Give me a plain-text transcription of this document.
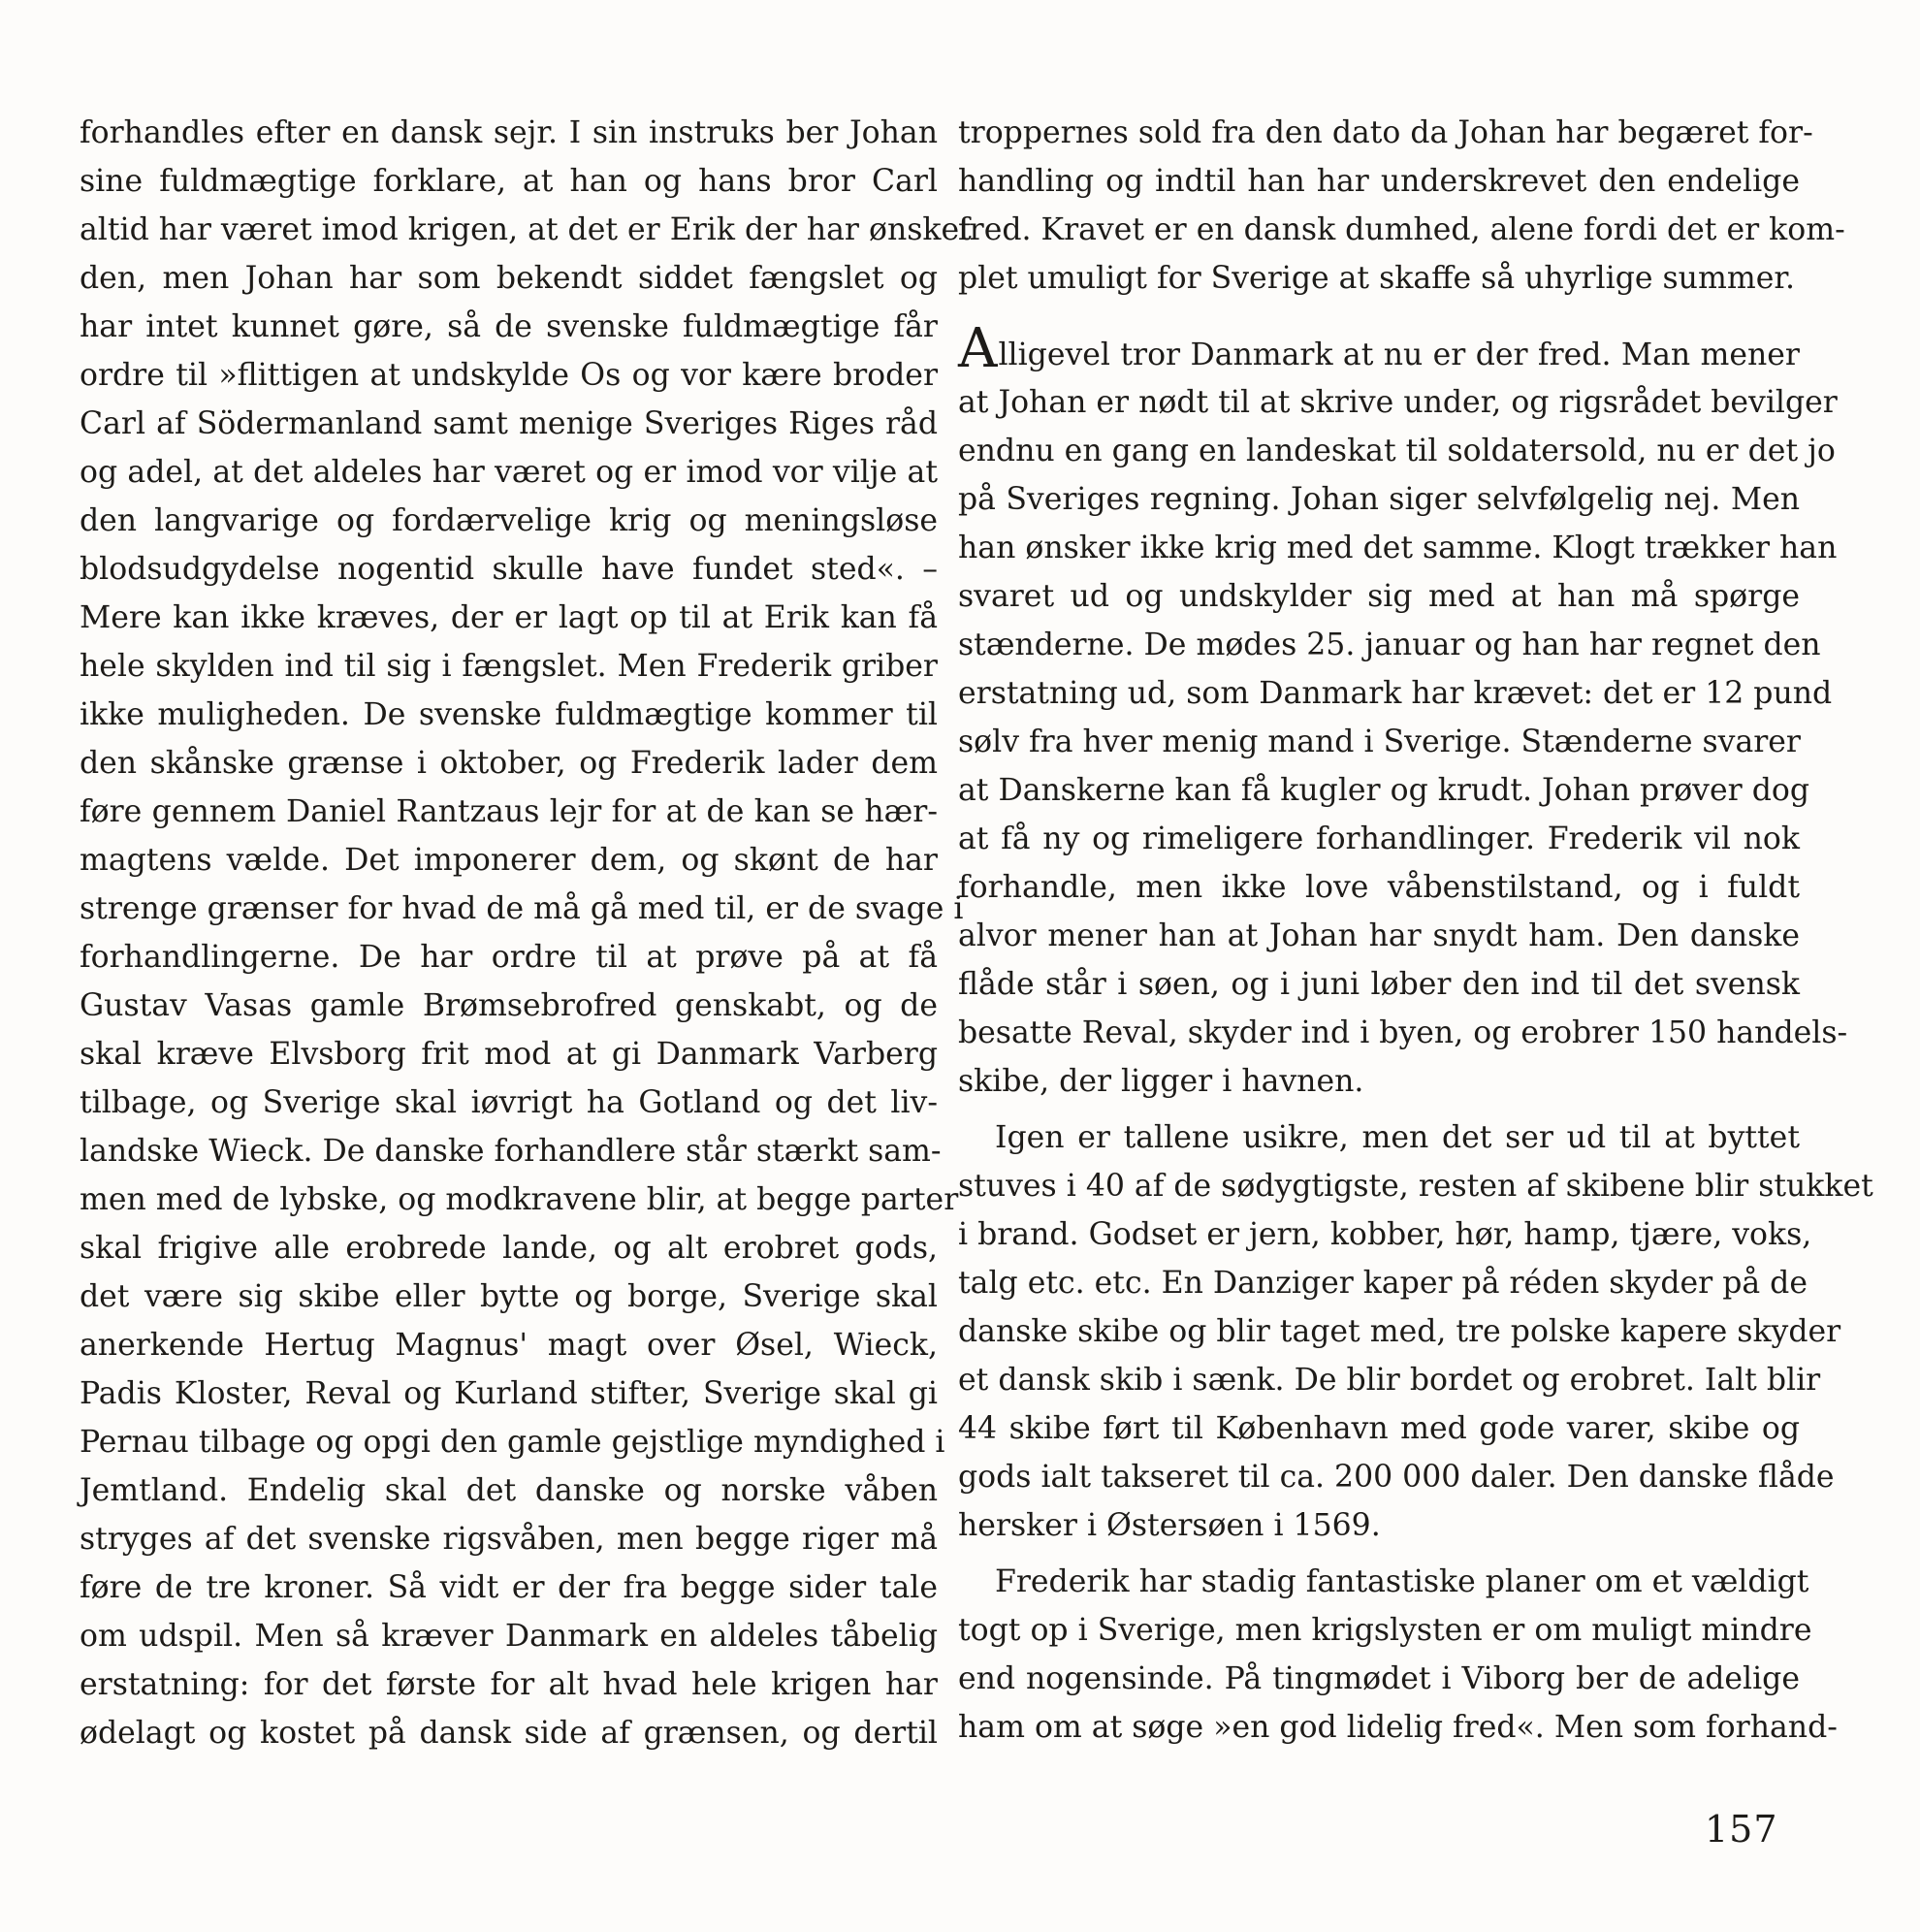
forhandles efter en dansk sejr. I sin instruks ber Johan
sine fuldmægtige forklare, at han og hans bror Carl
altid har været imod krigen, at det er Erik der har ønsket
den, men Johan har som bekendt siddet fængslet og
har intet kunnet gøre, så de svenske fuldmægtige får
ordre til »flittigen at undskylde Os og vor kære broder
Carl af Södermanland samt menige Sveriges Riges råd
og adel, at det aldeles har været og er imod vor vilje at
den langvarige og fordærvelige krig og meningsløse
blodsudgydelse nogentid skulle have fundet sted«. –
Mere kan ikke kræves, der er lagt op til at Erik kan få
hele skylden ind til sig i fængslet. Men Frederik griber
ikke muligheden. De svenske fuldmægtige kommer til
den skånske grænse i oktober, og Frederik lader dem
føre gennem Daniel Rantzaus lejr for at de kan se hær-
magtens vælde. Det imponerer dem, og skønt de har
strenge grænser for hvad de må gå med til, er de svage i
forhandlingerne. De har ordre til at prøve på at få
Gustav Vasas gamle Brømsebrofred genskabt, og de
skal kræve Elvsborg frit mod at gi Danmark Varberg
tilbage, og Sverige skal iøvrigt ha Gotland og det liv-
landske Wieck. De danske forhandlere står stærkt sam-
men med de lybske, og modkravene blir, at begge parter
skal frigive alle erobrede lande, og alt erobret gods,
det være sig skibe eller bytte og borge, Sverige skal
anerkende Hertug Magnus' magt over Øsel, Wieck,
Padis Kloster, Reval og Kurland stifter, Sverige skal gi
Pernau tilbage og opgi den gamle gejstlige myndighed i
Jemtland. Endelig skal det danske og norske våben
stryges af det svenske rigsvåben, men begge riger må
føre de tre kroner. Så vidt er der fra begge sider tale
om udspil. Men så kræver Danmark en aldeles tåbelig
erstatning: for det første for alt hvad hele krigen har
ødelagt og kostet på dansk side af grænsen, og dertil
troppernes sold fra den dato da Johan har begæret for-
handling og indtil han har underskrevet den endelige
fred. Kravet er en dansk dumhed, alene fordi det er kom-
plet umuligt for Sverige at skaffe så uhyrlige summer.
Alligevel tror Danmark at nu er der fred. Man mener
at Johan er nødt til at skrive under, og rigsrådet bevilger
endnu en gang en landeskat til soldatersold, nu er det jo
på Sveriges regning. Johan siger selvfølgelig nej. Men
han ønsker ikke krig med det samme. Klogt trækker han
svaret ud og undskylder sig med at han må spørge
stænderne. De mødes 25. januar og han har regnet den
erstatning ud, som Danmark har krævet: det er 12 pund
sølv fra hver menig mand i Sverige. Stænderne svarer
at Danskerne kan få kugler og krudt. Johan prøver dog
at få ny og rimeligere forhandlinger. Frederik vil nok
forhandle, men ikke love våbenstilstand, og i fuldt
alvor mener han at Johan har snydt ham. Den danske
flåde står i søen, og i juni løber den ind til det svensk
besatte Reval, skyder ind i byen, og erobrer 150 handels-
skibe, der ligger i havnen.
Igen er tallene usikre, men det ser ud til at byttet
stuves i 40 af de sødygtigste, resten af skibene blir stukket
i brand. Godset er jern, kobber, hør, hamp, tjære, voks,
talg etc. etc. En Danziger kaper på réden skyder på de
danske skibe og blir taget med, tre polske kapere skyder
et dansk skib i sænk. De blir bordet og erobret. Ialt blir
44 skibe ført til København med gode varer, skibe og
gods ialt takseret til ca. 200 000 daler. Den danske flåde
hersker i Østersøen i 1569.
Frederik har stadig fantastiske planer om et vældigt
togt op i Sverige, men krigslysten er om muligt mindre
end nogensinde. På tingmødet i Viborg ber de adelige
ham om at søge »en god lidelig fred«. Men som forhand-
157
